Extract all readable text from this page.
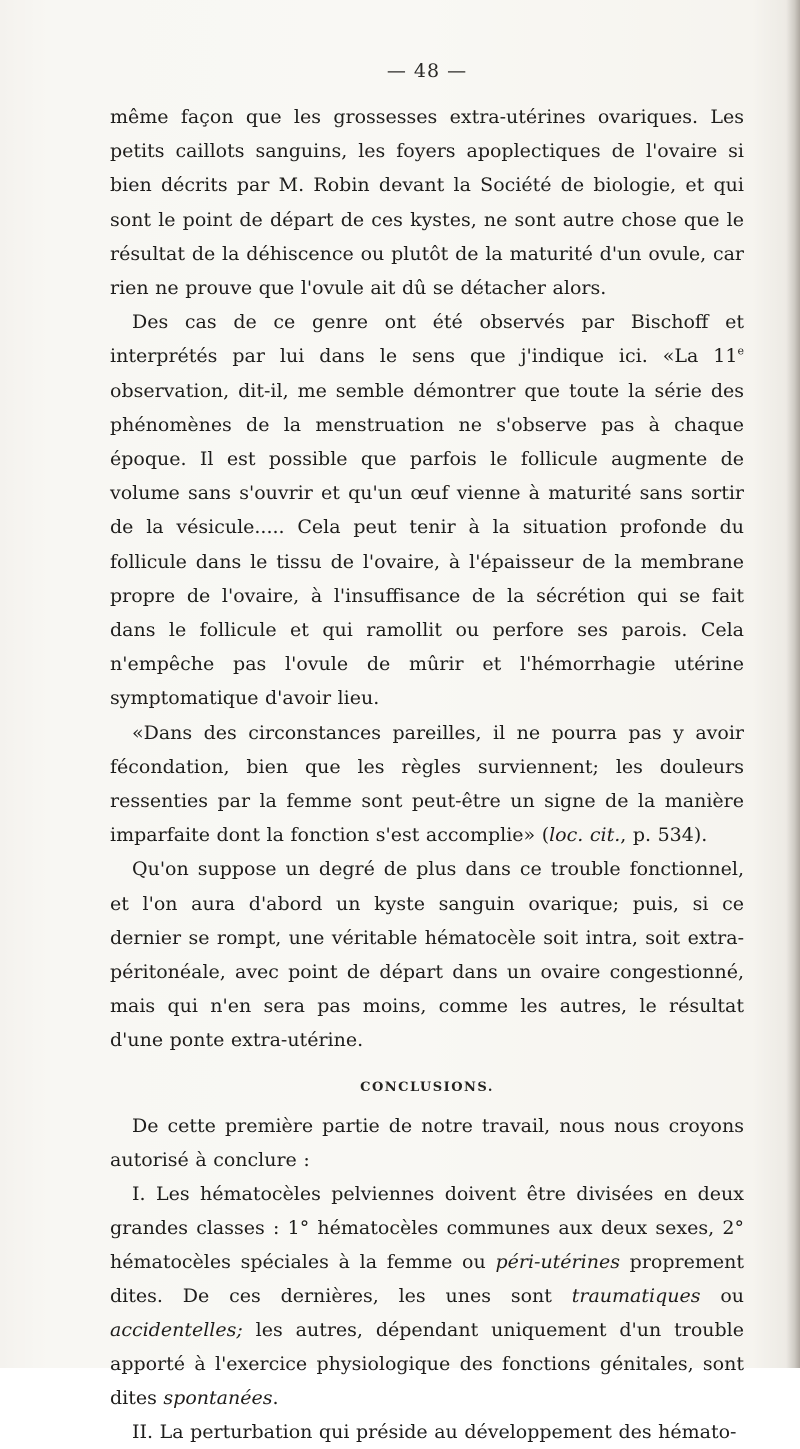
— 48 —

même façon que les grossesses extra-utérines ovariques. Les petits caillots sanguins, les foyers apoplectiques de l'ovaire si bien décrits par M. Robin devant la Société de biologie, et qui sont le point de départ de ces kystes, ne sont autre chose que le résultat de la déhiscence ou plutôt de la maturité d'un ovule, car rien ne prouve que l'ovule ait dû se détacher alors.

Des cas de ce genre ont été observés par Bischoff et interprétés par lui dans le sens que j'indique ici. «La 11e observation, dit-il, me semble démontrer que toute la série des phénomènes de la menstruation ne s'observe pas à chaque époque. Il est possible que parfois le follicule augmente de volume sans s'ouvrir et qu'un œuf vienne à maturité sans sortir de la vésicule..... Cela peut tenir à la situation profonde du follicule dans le tissu de l'ovaire, à l'épaisseur de la membrane propre de l'ovaire, à l'insuffisance de la sécrétion qui se fait dans le follicule et qui ramollit ou perfore ses parois. Cela n'empêche pas l'ovule de mûrir et l'hémorrhagie utérine symptomatique d'avoir lieu.

«Dans des circonstances pareilles, il ne pourra pas y avoir fécondation, bien que les règles surviennent; les douleurs ressenties par la femme sont peut-être un signe de la manière imparfaite dont la fonction s'est accomplie» (loc. cit., p. 534).

Qu'on suppose un degré de plus dans ce trouble fonctionnel, et l'on aura d'abord un kyste sanguin ovarique; puis, si ce dernier se rompt, une véritable hématocèle soit intra, soit extra-péritonéale, avec point de départ dans un ovaire congestionné, mais qui n'en sera pas moins, comme les autres, le résultat d'une ponte extra-utérine.

CONCLUSIONS.

De cette première partie de notre travail, nous nous croyons autorisé à conclure :

I. Les hématocèles pelviennes doivent être divisées en deux grandes classes : 1° hématocèles communes aux deux sexes, 2° hématocèles spéciales à la femme ou péri-utérines proprement dites. De ces dernières, les unes sont traumatiques ou accidentelles; les autres, dépendant uniquement d'un trouble apporté à l'exercice physiologique des fonctions génitales, sont dites spontanées.

II. La perturbation qui préside au développement des hémato-
